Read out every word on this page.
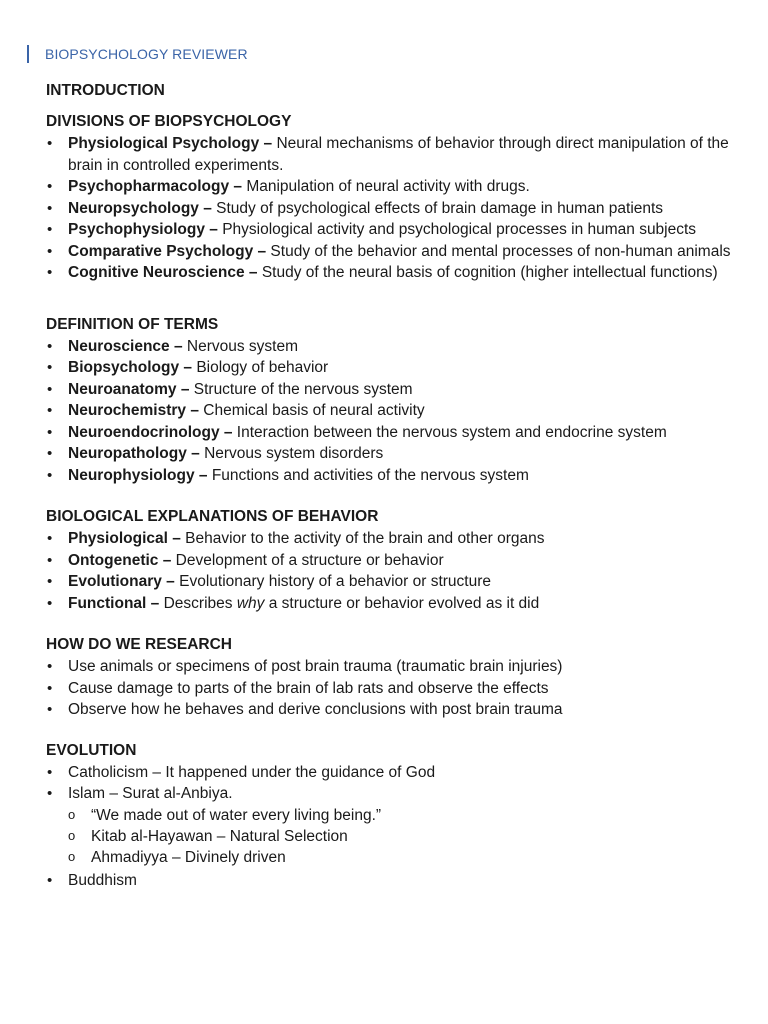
BIOPSYCHOLOGY REVIEWER

INTRODUCTION

DIVISIONS OF BIOPSYCHOLOGY

• Physiological Psychology – Neural mechanisms of behavior through direct manipulation of the brain in controlled experiments.
• Psychopharmacology – Manipulation of neural activity with drugs.
• Neuropsychology – Study of psychological effects of brain damage in human patients
• Psychophysiology – Physiological activity and psychological processes in human subjects
• Comparative Psychology – Study of the behavior and mental processes of non-human animals
• Cognitive Neuroscience – Study of the neural basis of cognition (higher intellectual functions)

DEFINITION OF TERMS

• Neuroscience – Nervous system
• Biopsychology – Biology of behavior
• Neuroanatomy – Structure of the nervous system
• Neurochemistry – Chemical basis of neural activity
• Neuroendocrinology – Interaction between the nervous system and endocrine system
• Neuropathology – Nervous system disorders
• Neurophysiology – Functions and activities of the nervous system

BIOLOGICAL EXPLANATIONS OF BEHAVIOR

• Physiological – Behavior to the activity of the brain and other organs
• Ontogenetic – Development of a structure or behavior
• Evolutionary – Evolutionary history of a behavior or structure
• Functional – Describes why a structure or behavior evolved as it did

HOW DO WE RESEARCH

• Use animals or specimens of post brain trauma (traumatic brain injuries)
• Cause damage to parts of the brain of lab rats and observe the effects
• Observe how he behaves and derive conclusions with post brain trauma

EVOLUTION

• Catholicism – It happened under the guidance of God
• Islam – Surat al-Anbiya.
o “We made out of water every living being.”
o Kitab al-Hayawan – Natural Selection
o Ahmadiyya – Divinely driven
• Buddhism
